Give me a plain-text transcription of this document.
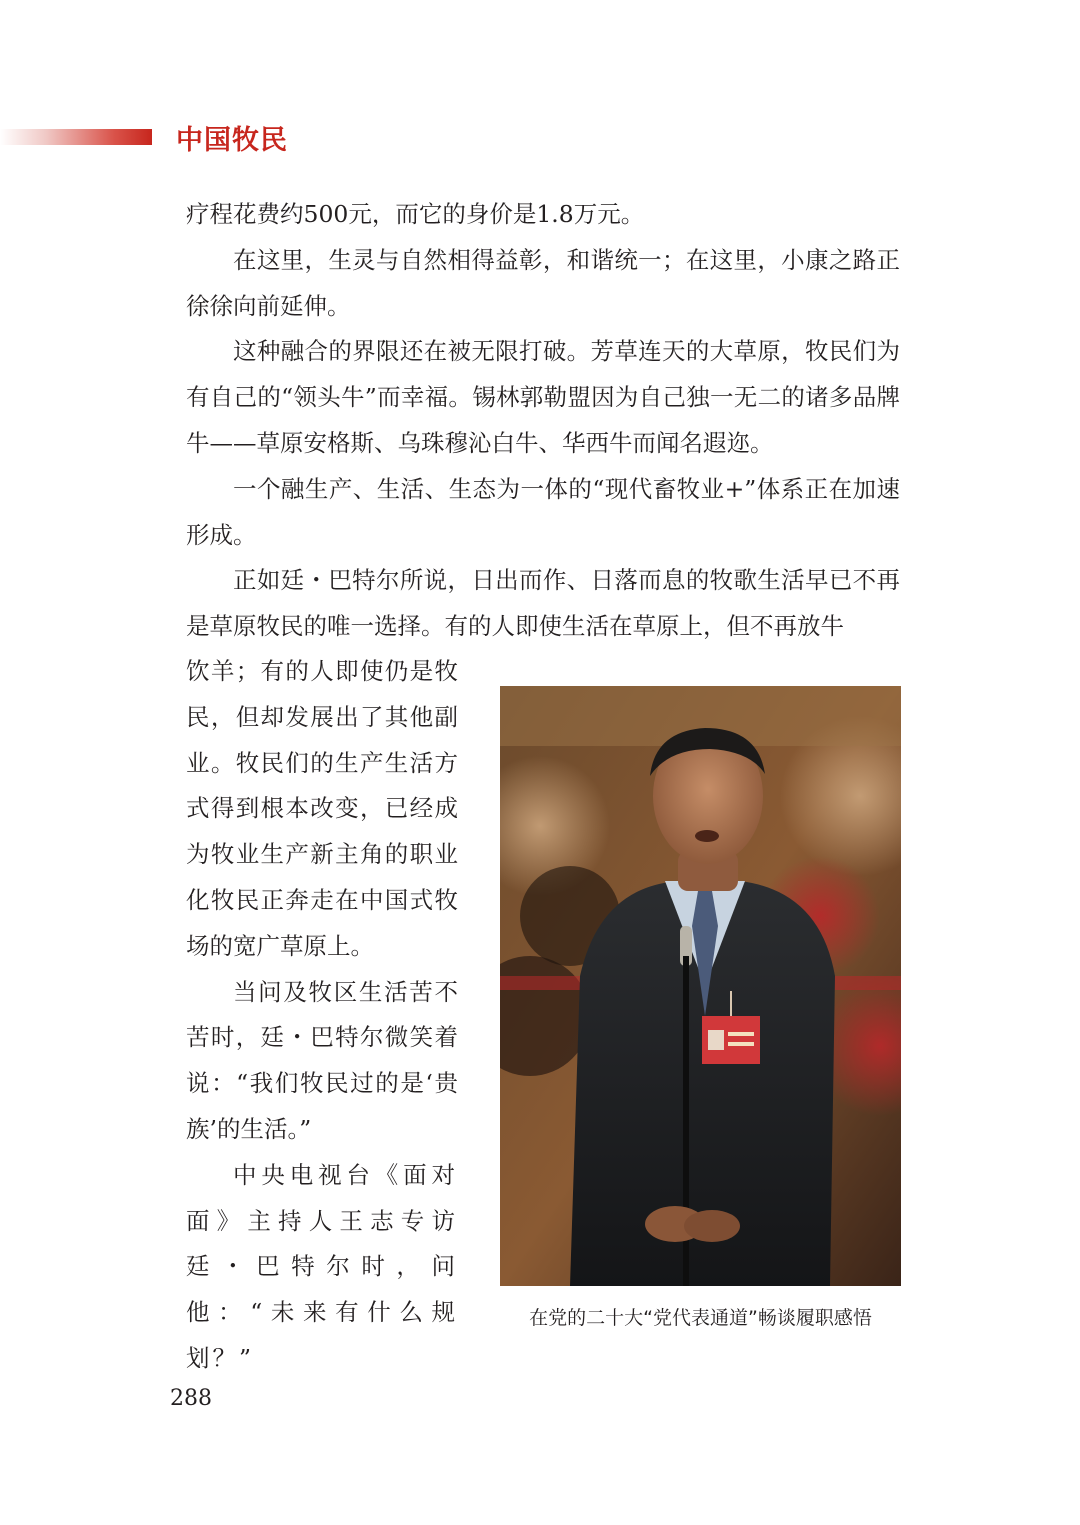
中国牧民

疗程花费约500元，而它的身价是1.8万元。

在这里，生灵与自然相得益彰，和谐统一；在这里，小康之路正徐徐向前延伸。

这种融合的界限还在被无限打破。芳草连天的大草原，牧民们为有自己的“领头牛”而幸福。锡林郭勒盟因为自己独一无二的诸多品牌牛——草原安格斯、乌珠穆沁白牛、华西牛而闻名遐迩。

一个融生产、生活、生态为一体的“现代畜牧业+”体系正在加速形成。

正如廷・巴特尔所说，日出而作、日落而息的牧歌生活早已不再是草原牧民的唯一选择。有的人即使生活在草原上，但不再放牛

饮羊；有的人即使仍是牧民，但却发展出了其他副业。牧民们的生产生活方式得到根本改变，已经成为牧业生产新主角的职业化牧民正奔走在中国式牧场的宽广草原上。

当问及牧区生活苦不苦时，廷・巴特尔微笑着说：“我们牧民过的是‘贵族’的生活。”

中央电视台《面对面》主持人王志专访廷・巴特尔时，问他：“未来有什么规划？”

在党的二十大“党代表通道”畅谈履职感悟
288
